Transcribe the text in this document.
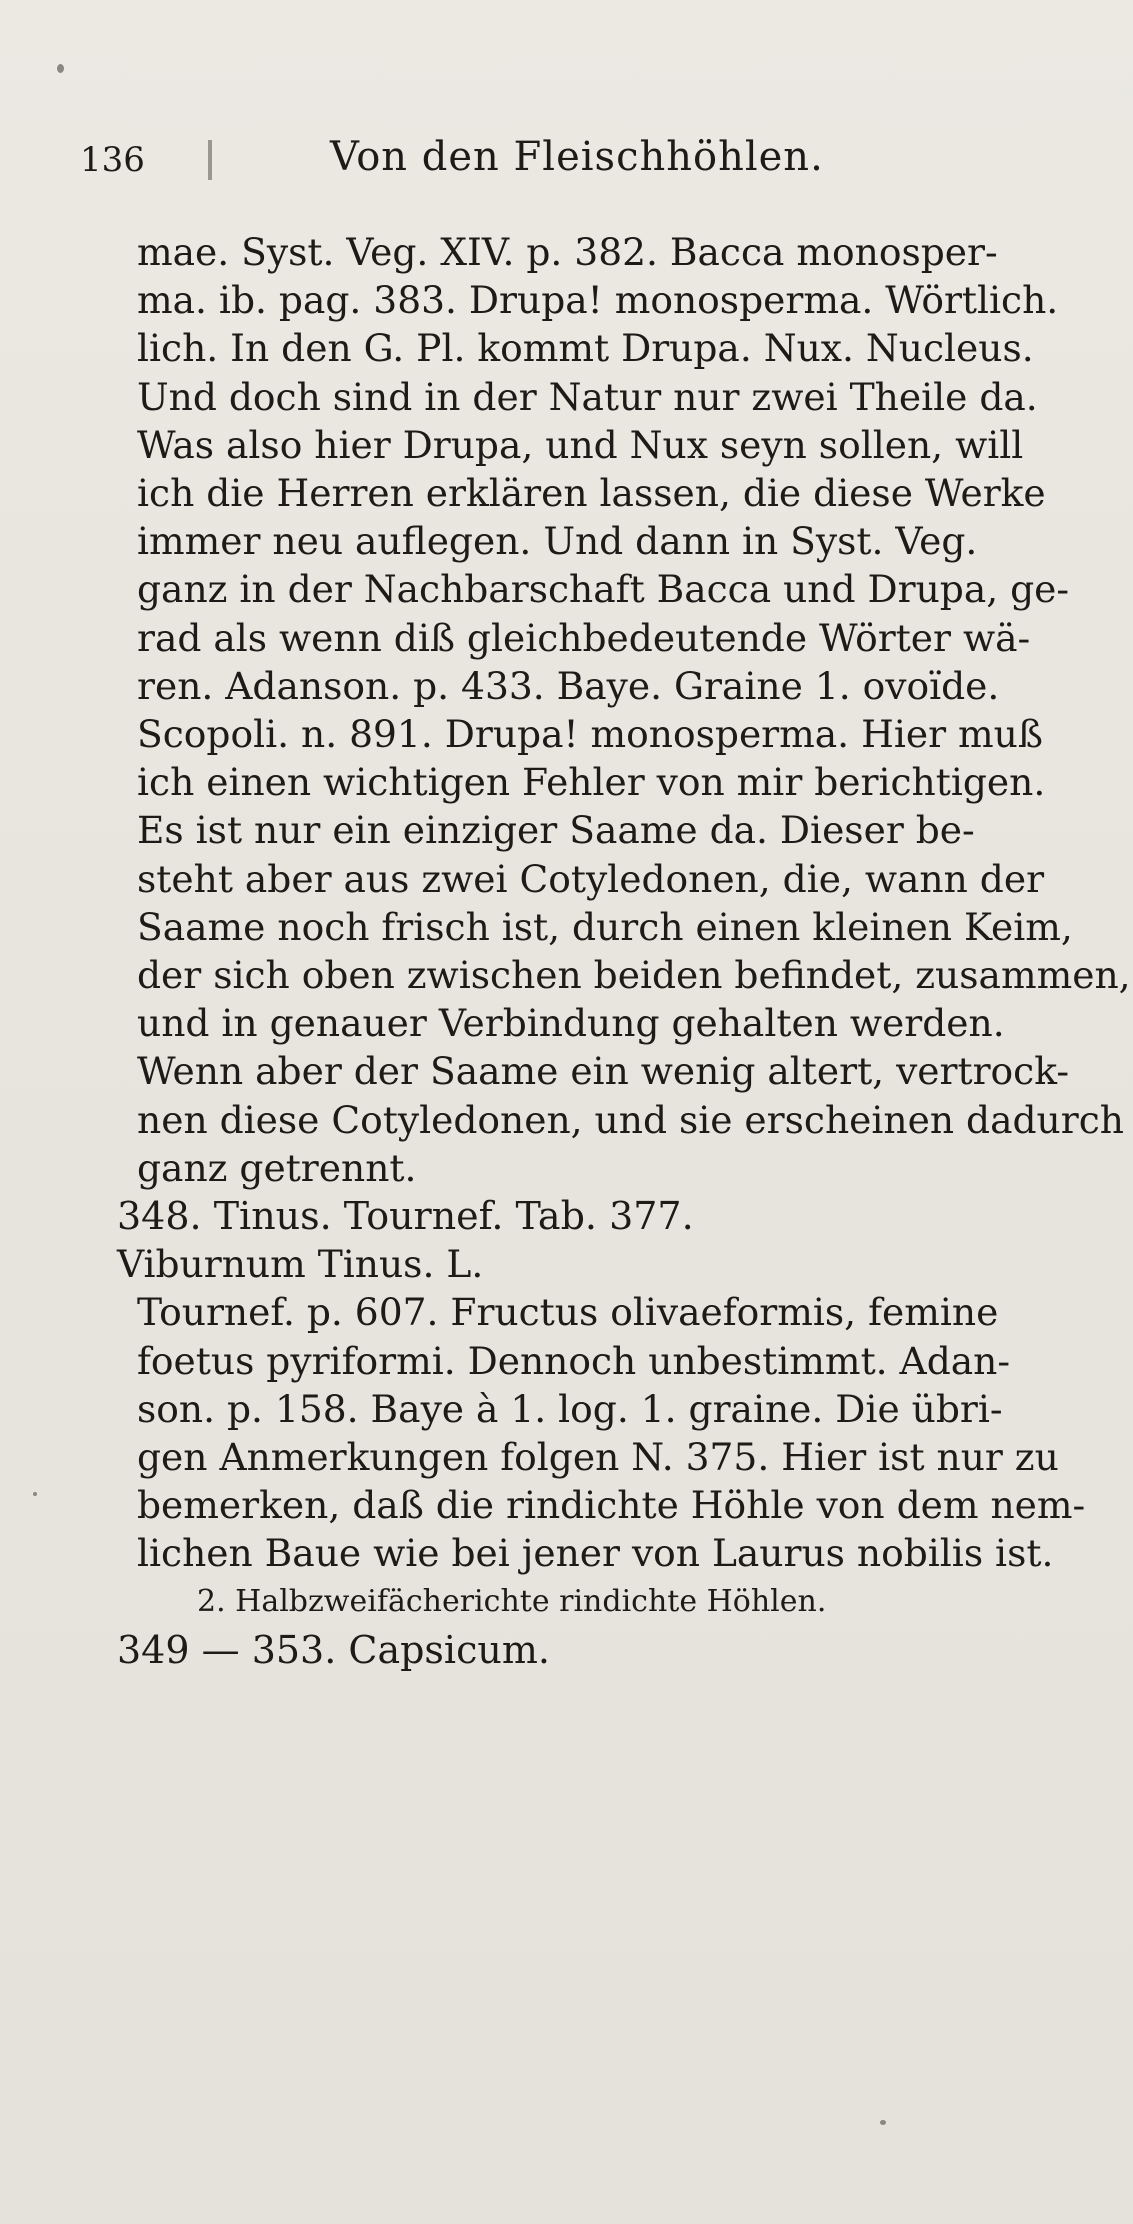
136	Von den Fleischhöhlen.
mae. Syst. Veg. XIV. p. 382. Bacca monosper-
ma. ib. pag. 383. Drupa! monosperma. Wörtlich.
lich. In den G. Pl. kommt Drupa. Nux. Nucleus.
Und doch sind in der Natur nur zwei Theile da.
Was also hier Drupa, und Nux seyn sollen, will
ich die Herren erklären lassen, die diese Werke
immer neu auflegen. Und dann in Syst. Veg.
ganz in der Nachbarschaft Bacca und Drupa, ge-
rad als wenn diß gleichbedeutende Wörter wä-
ren. Adanson. p. 433. Baye. Graine 1. ovoïde.
Scopoli. n. 891. Drupa! monosperma. Hier muß
ich einen wichtigen Fehler von mir berichtigen.
Es ist nur ein einziger Saame da. Dieser be-
steht aber aus zwei Cotyledonen, die, wann der
Saame noch frisch ist, durch einen kleinen Keim,
der sich oben zwischen beiden befindet, zusammen,
und in genauer Verbindung gehalten werden.
Wenn aber der Saame ein wenig altert, vertrock-
nen diese Cotyledonen, und sie erscheinen dadurch
ganz getrennt.
348. Tinus. Tournef. Tab. 377.
Viburnum Tinus. L.
Tournef. p. 607. Fructus olivaeformis, femine
foetus pyriformi. Dennoch unbestimmt. Adan-
son. p. 158. Baye à 1. log. 1. graine. Die übri-
gen Anmerkungen folgen N. 375. Hier ist nur zu
bemerken, daß die rindichte Höhle von dem nem-
lichen Baue wie bei jener von Laurus nobilis ist.
2. Halbzweifächerichte rindichte Höhlen.
349 — 353. Capsicum.
